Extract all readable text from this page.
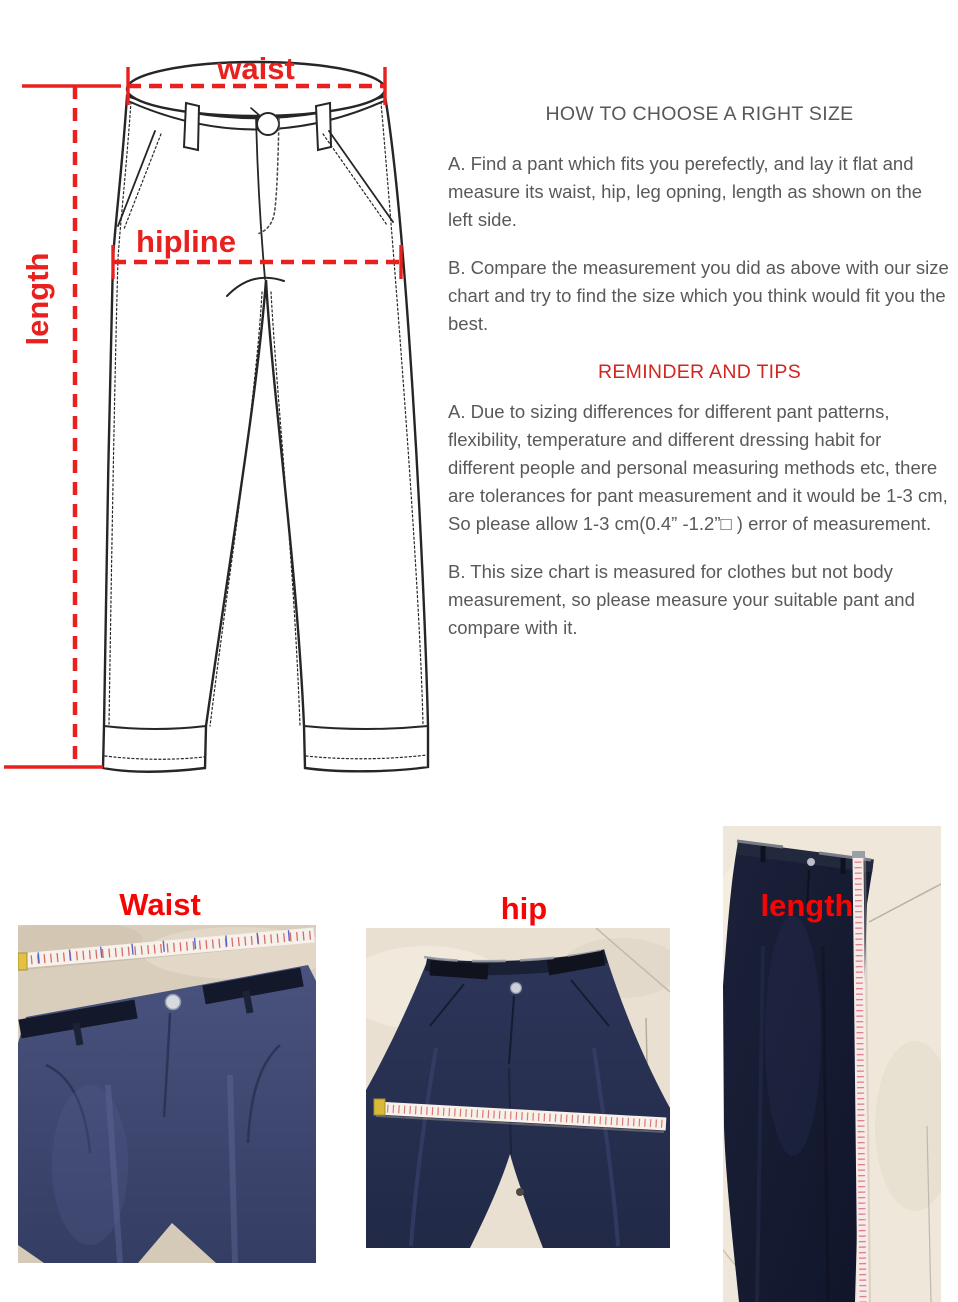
waist
hipline
length
HOW TO CHOOSE A RIGHT SIZE

A. Find a pant which fits you perefectly, and lay it flat and measure its waist, hip, leg opning, length as shown on the left side.

B. Compare the measurement you did as above with our size chart and try to find the size which you think would fit you the best.

REMINDER AND TIPS

A. Due to sizing differences for different pant patterns, flexibility, temperature and different dressing habit for different people and personal measuring methods etc, there are tolerances for pant measurement and it would be 1-3 cm, So please allow 1-3 cm(0.4” -1.2”□ ) error of measurement.

B. This size chart is measured for clothes but not body measurement, so please measure your suitable pant and compare with it.

Waist	hip	length
